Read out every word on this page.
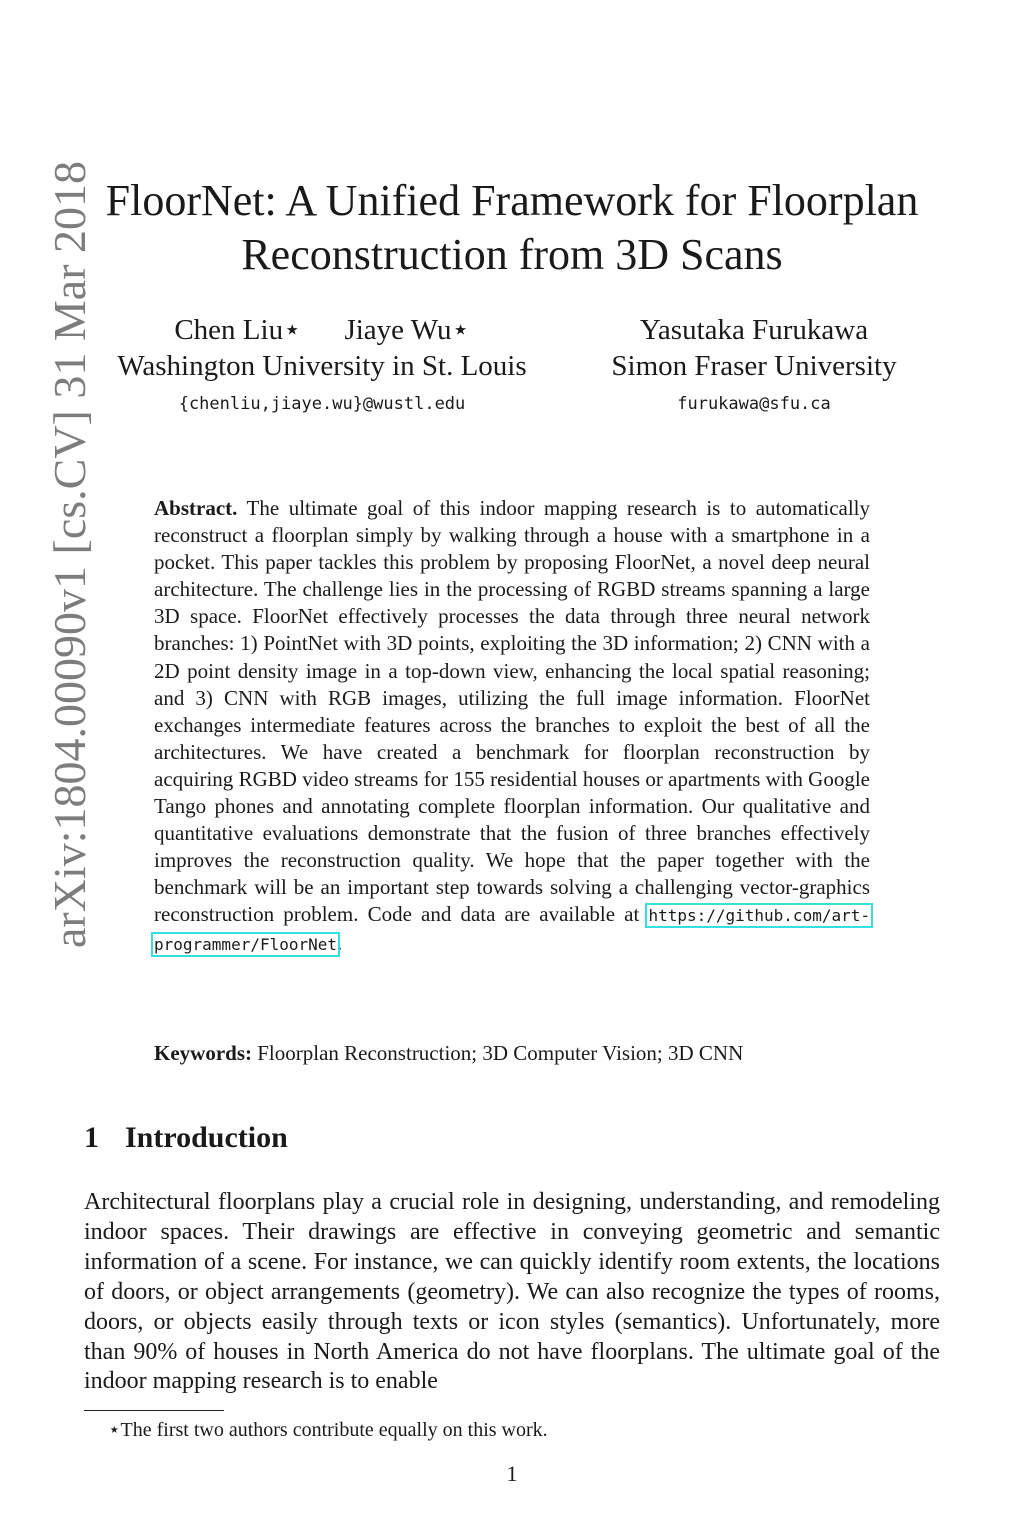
arXiv:1804.00090v1 [cs.CV] 31 Mar 2018 FloorNet: A Unified Framework for Floorplan
Reconstruction from 3D Scans
Chen Liu⋆ Jiaye Wu⋆
Washington University in St. Louis
{chenliu,jiaye.wu}@wustl.edu
Yasutaka Furukawa
Simon Fraser University
furukawa@sfu.ca
Abstract. The ultimate goal of this indoor mapping research is to automatically reconstruct a floorplan simply by walking through a house with a smartphone in a pocket. This paper tackles this problem by proposing FloorNet, a novel deep neural architecture. The challenge lies in the processing of RGBD streams spanning a large 3D space. FloorNet effectively processes the data through three neural network branches: 1) PointNet with 3D points, exploiting the 3D information; 2) CNN with a 2D point density image in a top-down view, enhancing the local spatial reasoning; and 3) CNN with RGB images, utilizing the full image information. FloorNet exchanges intermediate features across the branches to exploit the best of all the architectures. We have created a benchmark for floorplan reconstruction by acquiring RGBD video streams for 155 residential houses or apartments with Google Tango phones and annotating complete floorplan information. Our qualitative and quantitative evaluations demonstrate that the fusion of three branches effectively improves the reconstruction quality. We hope that the paper together with the benchmark will be an important step towards solving a challenging vector-graphics reconstruction problem. Code and data are available at https://github.com/art-programmer/FloorNet.
Keywords: Floorplan Reconstruction; 3D Computer Vision; 3D CNN
1 Introduction
Architectural floorplans play a crucial role in designing, understanding, and remodeling indoor spaces. Their drawings are effective in conveying geometric and semantic information of a scene. For instance, we can quickly identify room extents, the locations of doors, or object arrangements (geometry). We can also recognize the types of rooms, doors, or objects easily through texts or icon styles (semantics). Unfortunately, more than 90% of houses in North America do not have floorplans. The ultimate goal of the indoor mapping research is to enable
⋆The first two authors contribute equally on this work.
1
